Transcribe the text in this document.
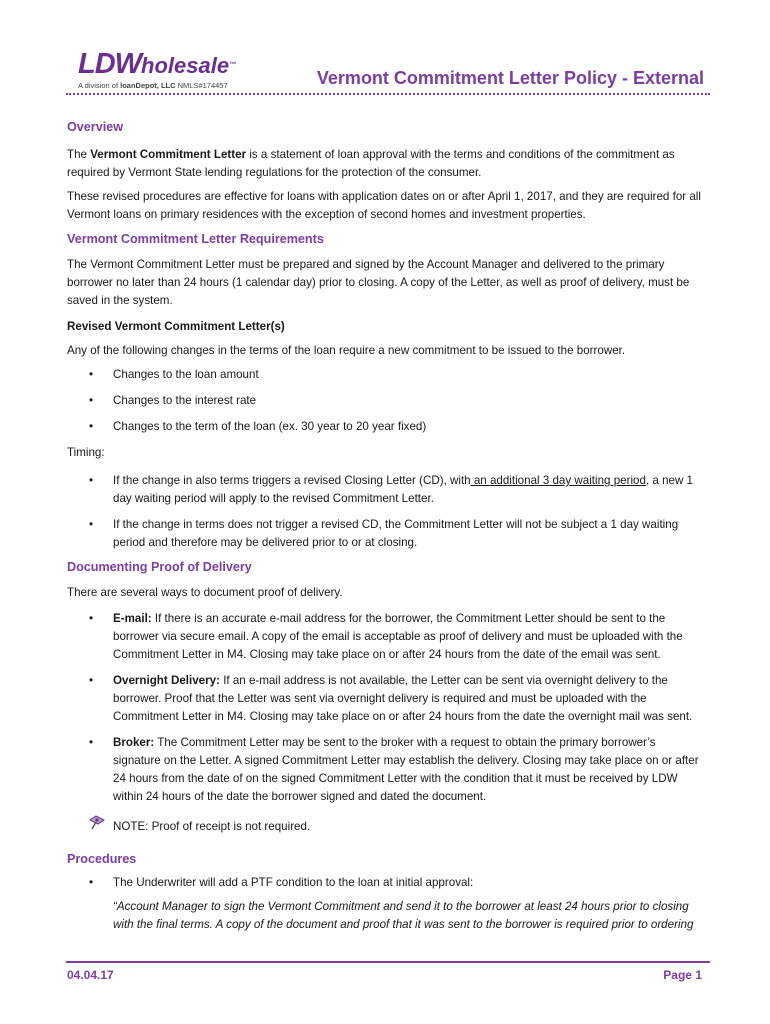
LDWholesale™
A division of loanDepot, LLC NMLS#174457	Vermont Commitment Letter Policy - External
Overview

The Vermont Commitment Letter is a statement of loan approval with the terms and conditions of the commitment as required by Vermont State lending regulations for the protection of the consumer.

These revised procedures are effective for loans with application dates on or after April 1, 2017, and they are required for all Vermont loans on primary residences with the exception of second homes and investment properties.

Vermont Commitment Letter Requirements

The Vermont Commitment Letter must be prepared and signed by the Account Manager and delivered to the primary borrower no later than 24 hours (1 calendar day) prior to closing. A copy of the Letter, as well as proof of delivery, must be saved in the system.

Revised Vermont Commitment Letter(s)

Any of the following changes in the terms of the loan require a new commitment to be issued to the borrower.

• Changes to the loan amount
• Changes to the interest rate
• Changes to the term of the loan (ex. 30 year to 20 year fixed)

Timing:

• If the change in also terms triggers a revised Closing Letter (CD), with an additional 3 day waiting period, a new 1 day waiting period will apply to the revised Commitment Letter.
• If the change in terms does not trigger a revised CD, the Commitment Letter will not be subject a 1 day waiting period and therefore may be delivered prior to or at closing.
Documenting Proof of Delivery

There are several ways to document proof of delivery.

• E-mail: If there is an accurate e-mail address for the borrower, the Commitment Letter should be sent to the borrower via secure email. A copy of the email is acceptable as proof of delivery and must be uploaded with the Commitment Letter in M4. Closing may take place on or after 24 hours from the date of the email was sent.
• Overnight Delivery: If an e-mail address is not available, the Letter can be sent via overnight delivery to the borrower. Proof that the Letter was sent via overnight delivery is required and must be uploaded with the Commitment Letter in M4. Closing may take place on or after 24 hours from the date the overnight mail was sent.
• Broker: The Commitment Letter may be sent to the broker with a request to obtain the primary borrower’s signature on the Letter. A signed Commitment Letter may establish the delivery. Closing may take place on or after 24 hours from the date of on the signed Commitment Letter with the condition that it must be received by LDW within 24 hours of the date the borrower signed and dated the document.
NOTE: Proof of receipt is not required.
Procedures
• The Underwriter will add a PTF condition to the loan at initial approval:

“Account Manager to sign the Vermont Commitment and send it to the borrower at least 24 hours prior to closing with the final terms. A copy of the document and proof that it was sent to the borrower is required prior to ordering

04.04.17	Page 1
